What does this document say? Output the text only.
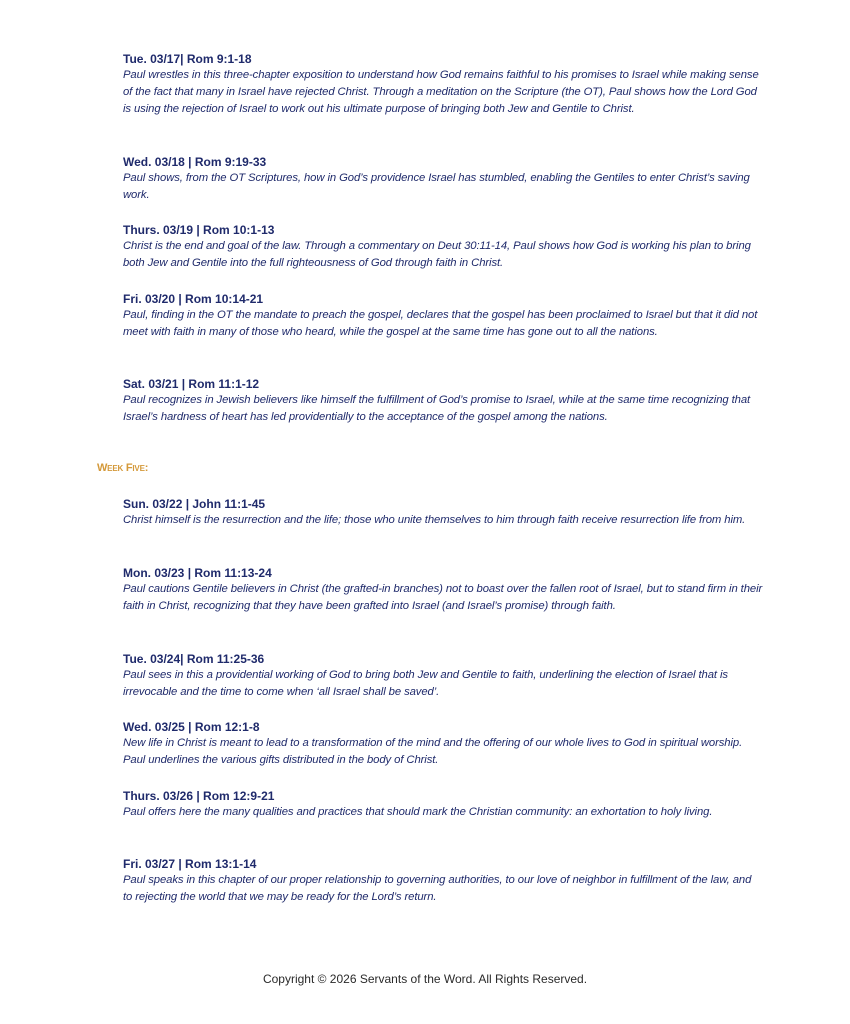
Tue. 03/17| Rom 9:1-18

Paul wrestles in this three-chapter exposition to understand how God remains faithful to his promises to Israel while making sense of the fact that many in Israel have rejected Christ. Through a meditation on the Scripture (the OT), Paul shows how the Lord God is using the rejection of Israel to work out his ultimate purpose of bringing both Jew and Gentile to Christ.

Wed. 03/18 | Rom 9:19-33

Paul shows, from the OT Scriptures, how in God’s providence Israel has stumbled, enabling the Gentiles to enter Christ’s saving work.

Thurs. 03/19 | Rom 10:1-13

Christ is the end and goal of the law. Through a commentary on Deut 30:11-14, Paul shows how God is working his plan to bring both Jew and Gentile into the full righteousness of God through faith in Christ.

Fri. 03/20 | Rom 10:14-21

Paul, finding in the OT the mandate to preach the gospel, declares that the gospel has been proclaimed to Israel but that it did not meet with faith in many of those who heard, while the gospel at the same time has gone out to all the nations.

Sat. 03/21 | Rom 11:1-12

Paul recognizes in Jewish believers like himself the fulfillment of God’s promise to Israel, while at the same time recognizing that Israel’s hardness of heart has led providentially to the acceptance of the gospel among the nations.

Week Five:

Sun. 03/22 | John 11:1-45

Christ himself is the resurrection and the life; those who unite themselves to him through faith receive resurrection life from him.

Mon. 03/23 | Rom 11:13-24

Paul cautions Gentile believers in Christ (the grafted-in branches) not to boast over the fallen root of Israel, but to stand firm in their faith in Christ, recognizing that they have been grafted into Israel (and Israel’s promise) through faith.

Tue. 03/24| Rom 11:25-36

Paul sees in this a providential working of God to bring both Jew and Gentile to faith, underlining the election of Israel that is irrevocable and the time to come when ‘all Israel shall be saved’.

Wed. 03/25 | Rom 12:1-8

New life in Christ is meant to lead to a transformation of the mind and the offering of our whole lives to God in spiritual worship. Paul underlines the various gifts distributed in the body of Christ.

Thurs. 03/26 | Rom 12:9-21

Paul offers here the many qualities and practices that should mark the Christian community: an exhortation to holy living.

Fri. 03/27 | Rom 13:1-14

Paul speaks in this chapter of our proper relationship to governing authorities, to our love of neighbor in fulfillment of the law, and to rejecting the world that we may be ready for the Lord’s return.

Copyright © 2026 Servants of the Word. All Rights Reserved.
